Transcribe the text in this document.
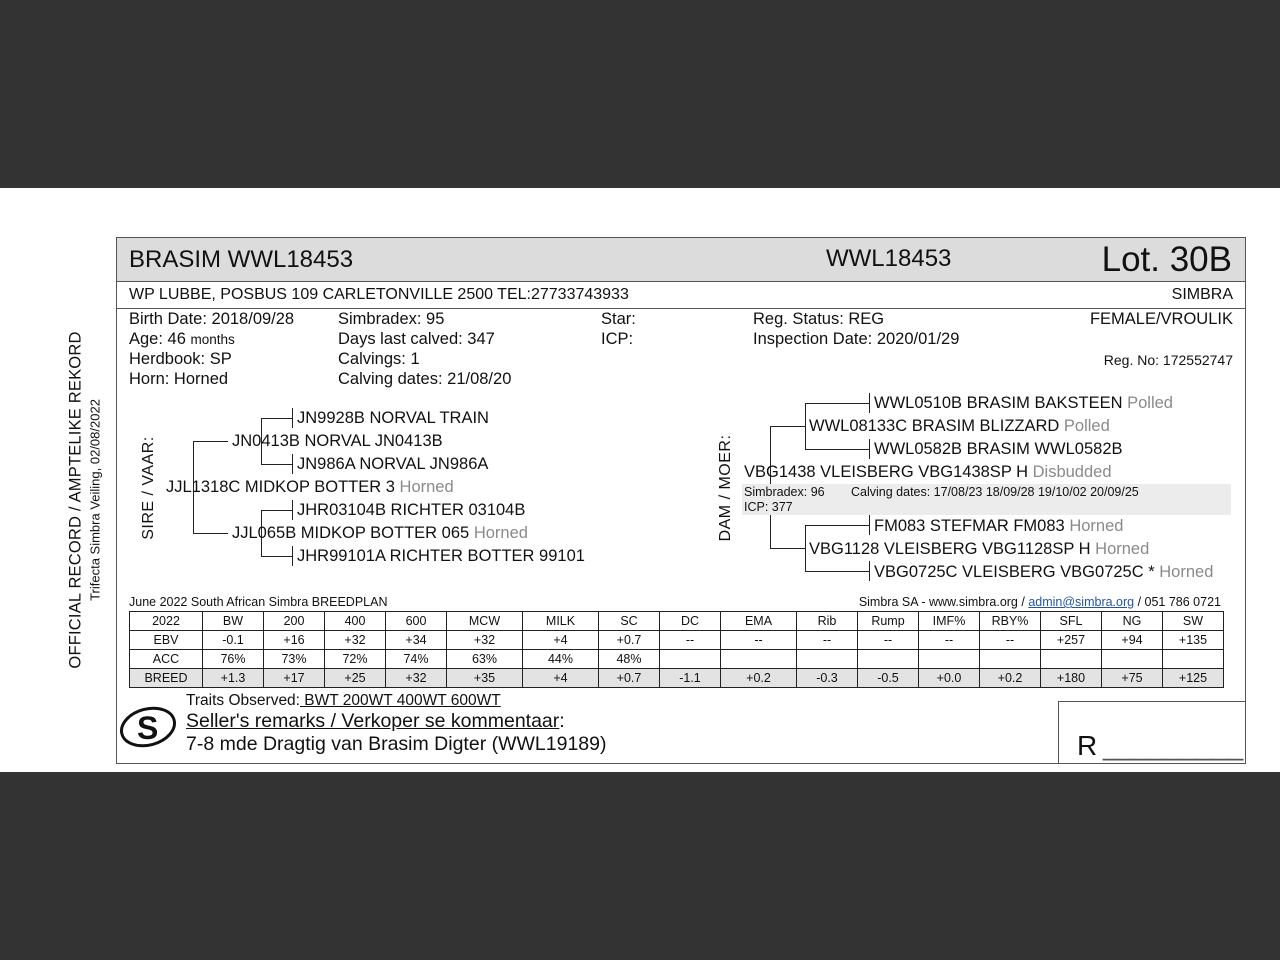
OFFICIAL RECORD / AMPTELIKE REKORD Trifecta Simbra Veiling, 02/08/2022
BRASIM WWL18453	WWL18453	Lot. 30B
WP LUBBE, POSBUS 109 CARLETONVILLE 2500 TEL:27733743933	SIMBRA
Birth Date: 2018/09/28
Age: 46 months
Herdbook: SP
Horn: Horned
Simbradex: 95
Days last calved: 347
Calvings: 1
Calving dates: 21/08/20
Star:
ICP:
Reg. Status: REG
Inspection Date: 2020/01/29
FEMALE/VROULIK
Reg. No: 172552747
SIRE / VAAR:
JN9928B NORVAL TRAIN
JN0413B NORVAL JN0413B
JN986A NORVAL JN986A
JJL1318C MIDKOP BOTTER 3 Horned
JHR03104B RICHTER 03104B
JJL065B MIDKOP BOTTER 065 Horned
JHR99101A RICHTER BOTTER 99101
DAM / MOER:
WWL0510B BRASIM BAKSTEEN Polled
WWL08133C BRASIM BLIZZARD Polled
WWL0582B BRASIM WWL0582B
VBG1438 VLEISBERG VBG1438SP H Disbudded
Simbradex: 96 Calving dates: 17/08/23 18/09/28 19/10/02 20/09/25
ICP: 377
FM083 STEFMAR FM083 Horned
VBG1128 VLEISBERG VBG1128SP H Horned
VBG0725C VLEISBERG VBG0725C * Horned
June 2022 South African Simbra BREEDPLAN	Simbra SA - www.simbra.org / admin@simbra.org / 051 786 0721
2022	BW	200	400	600	MCW	MILK	SC	DC	EMA	Rib	Rump	IMF%	RBY%	SFL	NG	SW
EBV	-0.1	+16	+32	+34	+32	+4	+0.7	--	--	--	--	--	--	+257	+94	+135
ACC	76%	73%	72%	74%	63%	44%	48%									
BREED	+1.3	+17	+25	+32	+35	+4	+0.7	-1.1	+0.2	-0.3	-0.5	+0.0	+0.2	+180	+75	+125
S
Traits Observed: BWT 200WT 400WT 600WT
Seller's remarks / Verkoper se kommentaar:
7-8 mde Dragtig van Brasim Digter (WWL19189)	R _________
